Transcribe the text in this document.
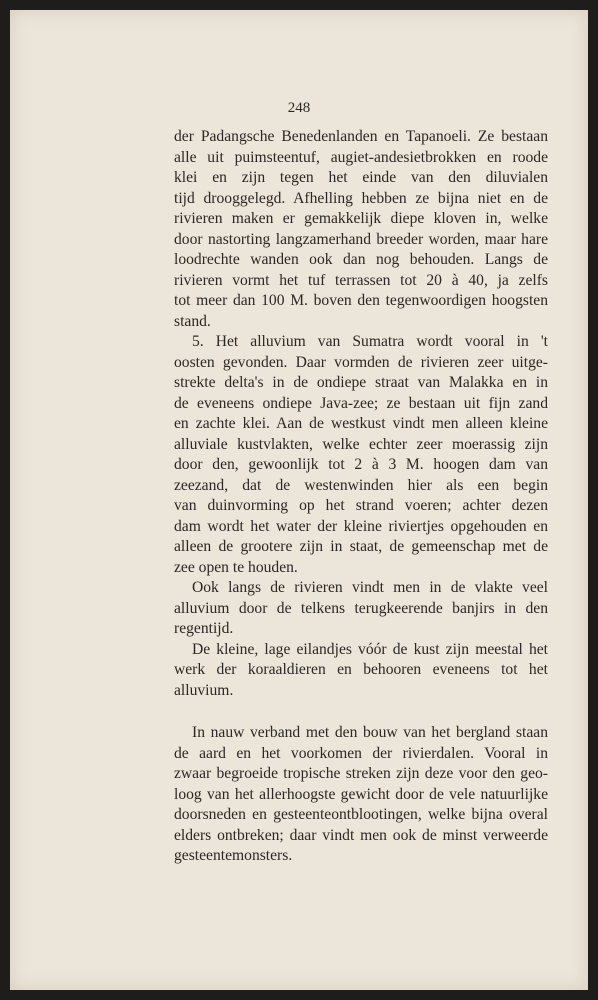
248
der Padangsche Benedenlanden en Tapanoeli. Ze bestaan
alle uit puimsteentuf, augiet-andesietbrokken en roode
klei en zijn tegen het einde van den diluvialen
tijd drooggelegd. Afhelling hebben ze bijna niet en de
rivieren maken er gemakkelijk diepe kloven in, welke
door nastorting langzamerhand breeder worden, maar hare
loodrechte wanden ook dan nog behouden. Langs de
rivieren vormt het tuf terrassen tot 20 à 40, ja zelfs
tot meer dan 100 M. boven den tegenwoordigen hoogsten
stand.
5. Het alluvium van Sumatra wordt vooral in 't
oosten gevonden. Daar vormden de rivieren zeer uitge-
strekte delta's in de ondiepe straat van Malakka en in
de eveneens ondiepe Java-zee; ze bestaan uit fijn zand
en zachte klei. Aan de westkust vindt men alleen kleine
alluviale kustvlakten, welke echter zeer moerassig zijn
door den, gewoonlijk tot 2 à 3 M. hoogen dam van
zeezand, dat de westenwinden hier als een begin
van duinvorming op het strand voeren; achter dezen
dam wordt het water der kleine riviertjes opgehouden en
alleen de grootere zijn in staat, de gemeenschap met de
zee open te houden.
Ook langs de rivieren vindt men in de vlakte veel
alluvium door de telkens terugkeerende banjirs in den
regentijd.
De kleine, lage eilandjes vóór de kust zijn meestal het
werk der koraaldieren en behooren eveneens tot het
alluvium.
In nauw verband met den bouw van het bergland staan
de aard en het voorkomen der rivierdalen. Vooral in
zwaar begroeide tropische streken zijn deze voor den geo-
loog van het allerhoogste gewicht door de vele natuurlijke
doorsneden en gesteenteontblootingen, welke bijna overal
elders ontbreken; daar vindt men ook de minst verweerde
gesteentemonsters.
